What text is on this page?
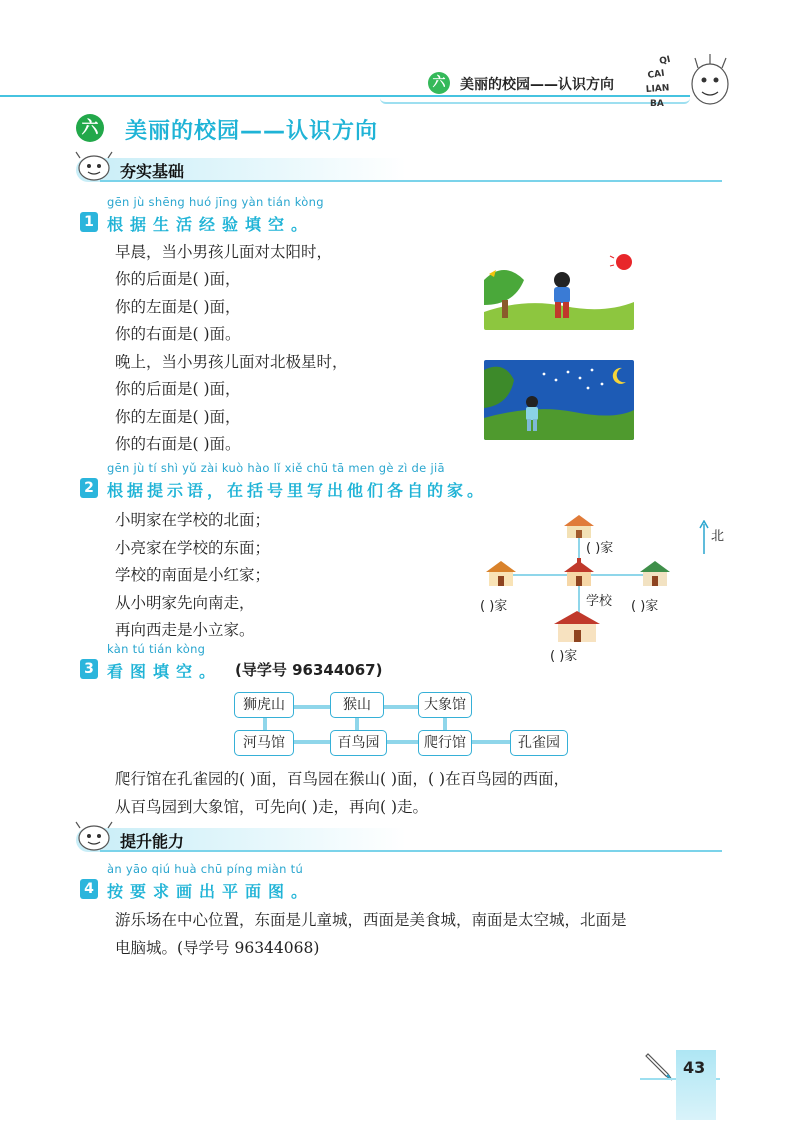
六	美丽的校园——认识方向
QI
CAI
LIAN
BA
六 美丽的校园——认识方向
夯实基础
gēn jù shēng huó jīng yàn tián kòng
1 根据生活经验填空。
早晨，当小男孩儿面对太阳时，
你的后面是( )面，
你的左面是( )面，
你的右面是( )面。
晚上，当小男孩儿面对北极星时，
你的后面是( )面，
你的左面是( )面，
你的右面是( )面。
gēn jù tí shì yǔ zài kuò hào lǐ xiě chū tā men gè zì de jiā
2 根据提示语，在括号里写出他们各自的家。
小明家在学校的北面；
小亮家在学校的东面；
学校的南面是小红家；
从小明家先向南走，
再向西走是小立家。
北
( )家
学校
( )家	( )家
( )家
kàn tú tián kòng
3 看图填空。 (导学号 96344067)
狮虎山	猴山	大象馆
河马馆	百鸟园	爬行馆	孔雀园
爬行馆在孔雀园的( )面，百鸟园在猴山( )面，( )在百鸟园的西面，
从百鸟园到大象馆，可先向( )走，再向( )走。
提升能力
àn yāo qiú huà chū píng miàn tú
4 按要求画出平面图。
游乐场在中心位置，东面是儿童城，西面是美食城，南面是太空城，北面是
电脑城。(导学号 96344068)
43
